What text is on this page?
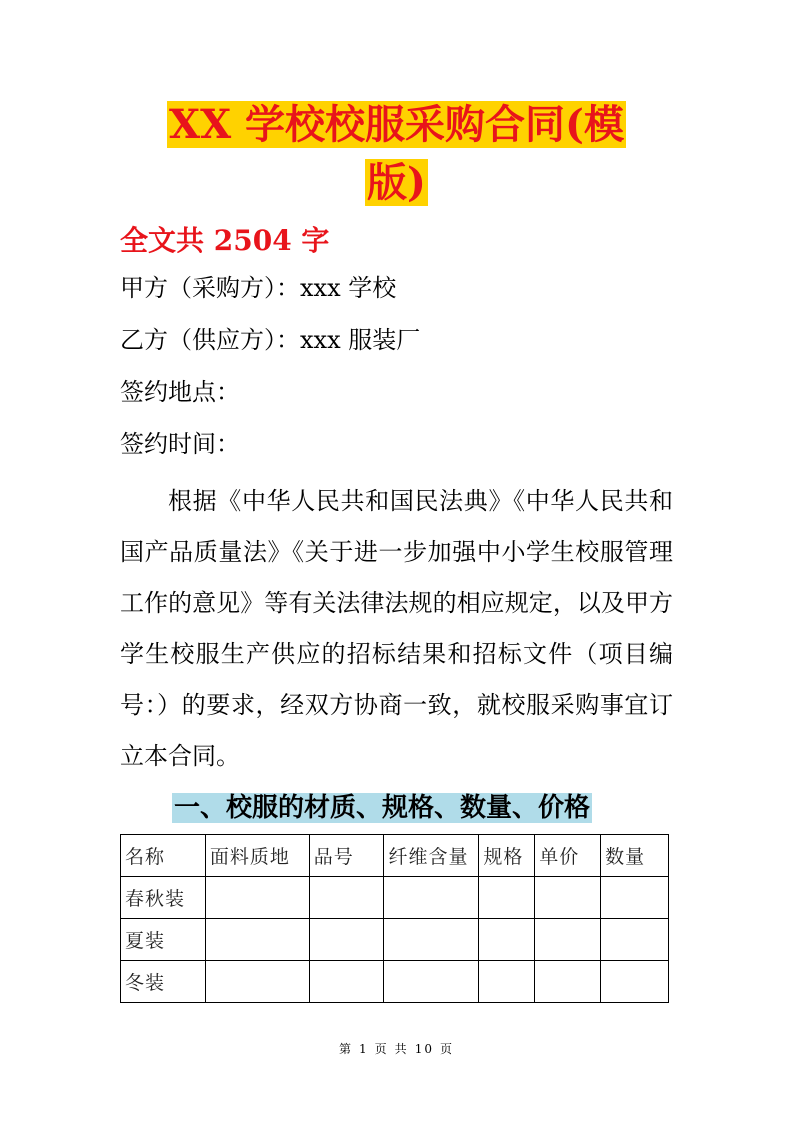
XX 学校校服采购合同(模
版)
全文共 2504 字
甲方（采购方）：xxx 学校
乙方（供应方）：xxx 服装厂
签约地点：
签约时间：
根据《中华人民共和国民法典》《中华人民共和国产品质量法》《关于进一步加强中小学生校服管理工作的意见》等有关法律法规的相应规定，以及甲方学生校服生产供应的招标结果和招标文件（项目编号：）的要求，经双方协商一致，就校服采购事宜订立本合同。
一、校服的材质、规格、数量、价格
名称	面料质地	品号	纤维含量	规格	单价	数量
春秋装						
夏装						
冬装						
第 1 页 共 10 页
